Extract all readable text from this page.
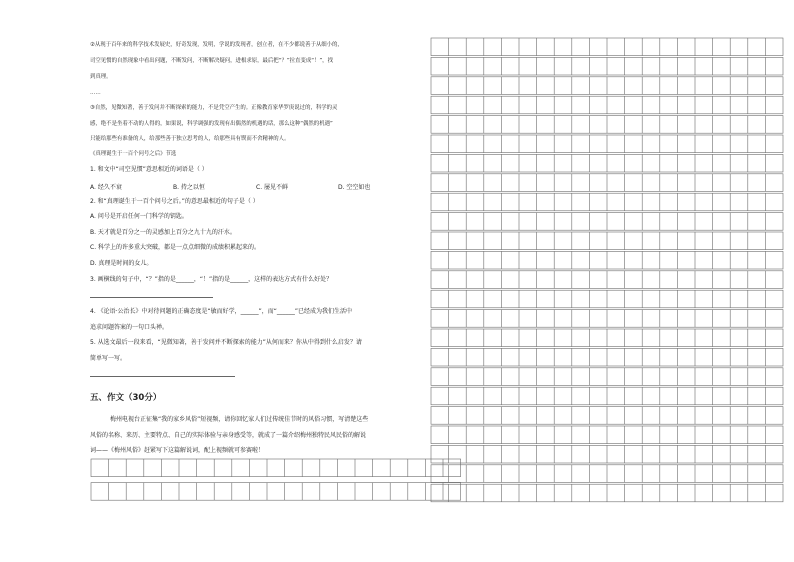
②从现于百年来的科学技术发展史，好奇发现，发明，学说的发现者，创立者，在不少都说善于从细小的，
司空见惯的自然现象中看出问题，不断发问，不断解决疑问，进根求原，最后把“？”拉直变成“！”，找
到真理。
……
③自然，见微知著，善于发问并不断探索的能力，不是凭空产生的。正像教育家华罗庚说过的，科学的灵
感，绝不是坐着不动的人得的，如果说，科学调强的发现有出偶然的机遇的话，那么这种“偶然的机遇”
只能给那些有准备的人，给那些善于独立思考的人，给那些具有锲而不舍精神的人。
《真理诞生于一百个问号之后》节选
1. 和文中“司空见惯”意思相近的词语是（ ）
A. 经久不衰	B. 持之以恒	C. 屡见不鲜	D. 空空如也
2. 和“真理诞生于一百个问号之后。”的意思最相近的句子是（ ）
A. 问号是开启任何一门科学的钥匙。
B. 天才就是百分之一的灵感加上百分之九十九的汗水。
C. 科学上的许多重大突破，都是一点点细微的成绩积累起来的。
D. 真理是时间的女儿。
3. 画横线的句子中，“？”指的是______，“！”指的是______，这样的表达方式有什么好处？
4. 《论语·公治长》中对待问题的正确态度是“敏而好学，______”，而“______”已经成为我们生活中
追求问题答案的一句口头禅。
5. 从选文最后一段来看，“见微知著，善于发问并不断探索的能力”从何而来？你从中得到什么启发？请
简单写一写。
五、作文（30分）
梅州电视台正征集“我的家乡风俗”短视频，请你回忆家人们过传统佳节时的风俗习惯，写清楚这些
风俗的名称、来历、主要特点、自己的实际体验与亲身感受等，就成了一篇介绍梅州独特民风民俗的解说
词——《梅州风俗》赶紧写下这篇解说词，配上视频就可参赛啦！
